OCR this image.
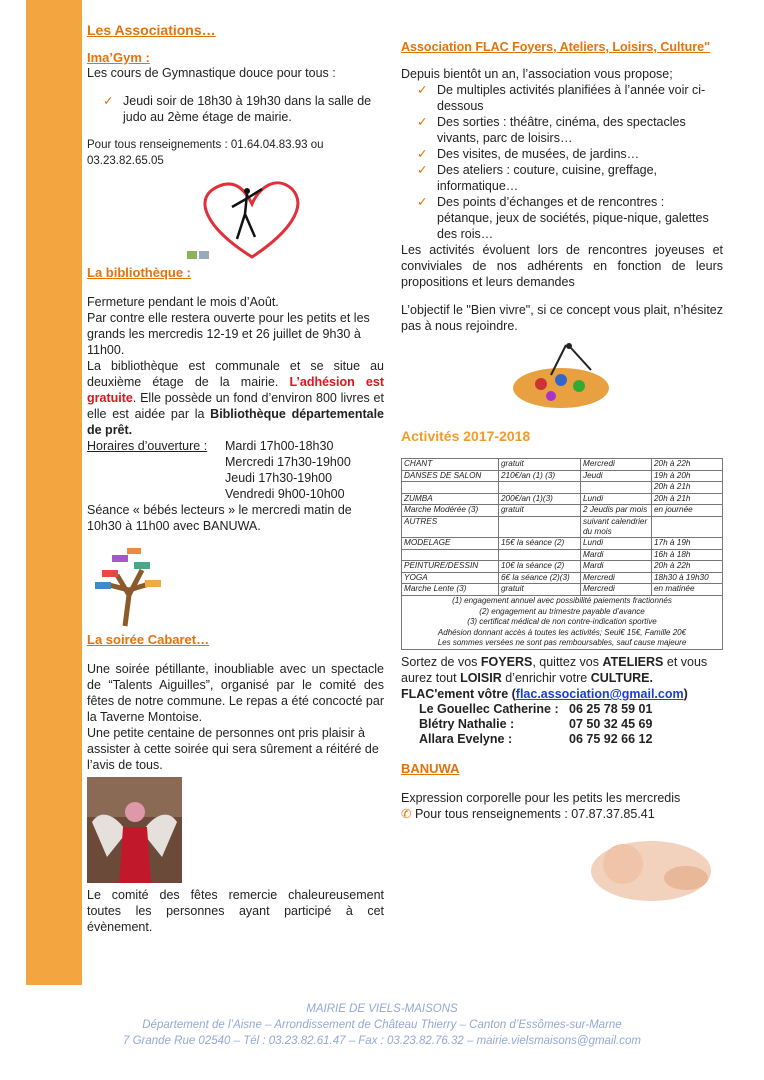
Les Associations…
Ima’Gym :

Les cours de Gymnastique douce pour tous :

✓ Jeudi soir de 18h30 à 19h30 dans la salle de judo au 2ème étage de mairie.

Pour tous renseignements : 01.64.04.83.93 ou 03.23.82.65.05

La bibliothèque :

Fermeture pendant le mois d’Août.

Par contre elle restera ouverte pour les petits et les grands les mercredis 12-19 et 26 juillet de 9h30 à 11h00.

La bibliothèque est communale et se situe au deuxième étage de la mairie. L’adhésion est gratuite. Elle possède un fond d’environ 800 livres et elle est aidée par la Bibliothèque départementale de prêt.

Horaires d’ouverture :	Mardi 17h00-18h30
Mercredi 17h30-19h00
Jeudi 17h30-19h00
Vendredi 9h00-10h00

Séance « bébés lecteurs » le mercredi matin de 10h30 à 11h00 avec BANUWA.

La soirée Cabaret…

Une soirée pétillante, inoubliable avec un spectacle de “Talents Aiguilles”, organisé par le comité des fêtes de notre commune. Le repas a été concocté par la Taverne Montoise.

Une petite centaine de personnes ont pris plaisir à assister à cette soirée qui sera sûrement a réitéré de l’avis de tous.

Le comité des fêtes remercie chaleureusement toutes les personnes ayant participé à cet évènement.

Association FLAC Foyers, Ateliers, Loisirs, Culture"

Depuis bientôt un an, l’association vous propose;

✓ De multiples activités planifiées à l’année voir ci-dessous
✓ Des sorties : théâtre, cinéma, des spectacles vivants, parc de loisirs…
✓ Des visites, de musées, de jardins…
✓ Des ateliers : couture, cuisine, greffage, informatique…
✓ Des points d’échanges et de rencontres : pétanque, jeux de sociétés, pique-nique, galettes des rois…

Les activités évoluent lors de rencontres joyeuses et conviviales de nos adhérents en fonction de leurs propositions et leurs demandes

L’objectif le "Bien vivre", si ce concept vous plait, n’hésitez pas à nous rejoindre.

Activités 2017-2018
CHANT	gratuit	Mercredi	20h à 22h
DANSES DE SALON	210€/an (1) (3)	Jeudi	19h à 20h
			20h à 21h
ZUMBA	200€/an (1)(3)	Lundi	20h à 21h
Marche Modérée (3)	gratuit	2 Jeudis par mois	en journée
AUTRES		suivant calendrier du mois	
MODELAGE	15€ la séance (2)	Lundi	17h à 19h
		Mardi	16h à 18h
PEINTURE/DESSIN	10€ la séance (2)	Mardi	20h à 22h
YOGA	6€ la séance (2)(3)	Mercredi	18h30 à 19h30
Marche Lente (3)	gratuit	Mercredi	en matinée
(1) engagement annuel avec possibilité paiements fractionnés
(2) engagement au trimestre payable d’avance
(3) certificat médical de non contre-indication sportive
Adhésion donnant accès à toutes les activités; Seul€ 15€, Famille 20€
Les sommes versées ne sont pas remboursables, sauf cause majeure

Sortez de vos FOYERS, quittez vos ATELIERS et vous aurez tout LOISIR d’enrichir votre CULTURE.

FLAC'ement vôtre (flac.association@gmail.com)

Le Gouellec Catherine : 06 25 78 59 01
Blétry Nathalie :	07 50 32 45 69
Allara Evelyne :	06 75 92 66 12
BANUWA

Expression corporelle pour les petits les mercredis

✆ Pour tous renseignements : 07.87.37.85.41

MAIRIE DE VIELS-MAISONS
Département de l’Aisne – Arrondissement de Château Thierry – Canton d’Essômes-sur-Marne
7 Grande Rue 02540 – Tél : 03.23.82.61.47 – Fax : 03.23.82.76.32 – mairie.vielsmaisons@gmail.com
